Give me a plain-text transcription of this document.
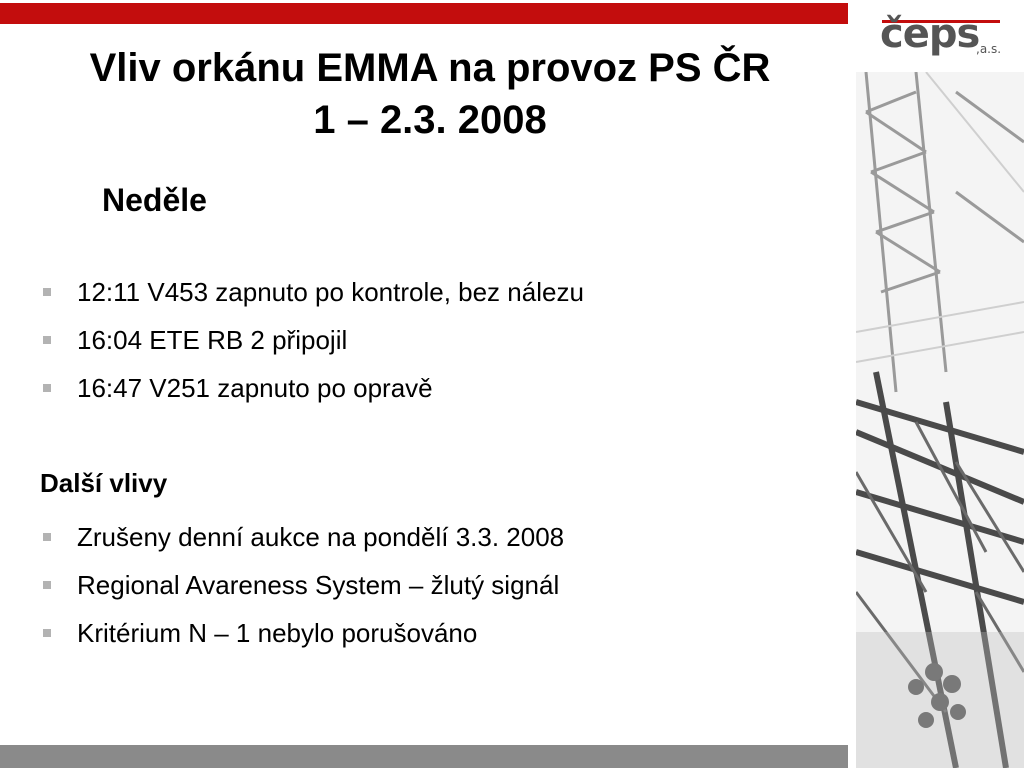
čeps
,a.s.
Vliv orkánu EMMA na provoz PS ČR
1 – 2.3. 2008
Neděle
12:11 V453 zapnuto po kontrole, bez nálezu
16:04 ETE RB 2 připojil
16:47 V251 zapnuto po opravě
Další vlivy
Zrušeny denní aukce na pondělí 3.3. 2008
Regional Avareness System – žlutý signál
Kritérium N – 1 nebylo porušováno
